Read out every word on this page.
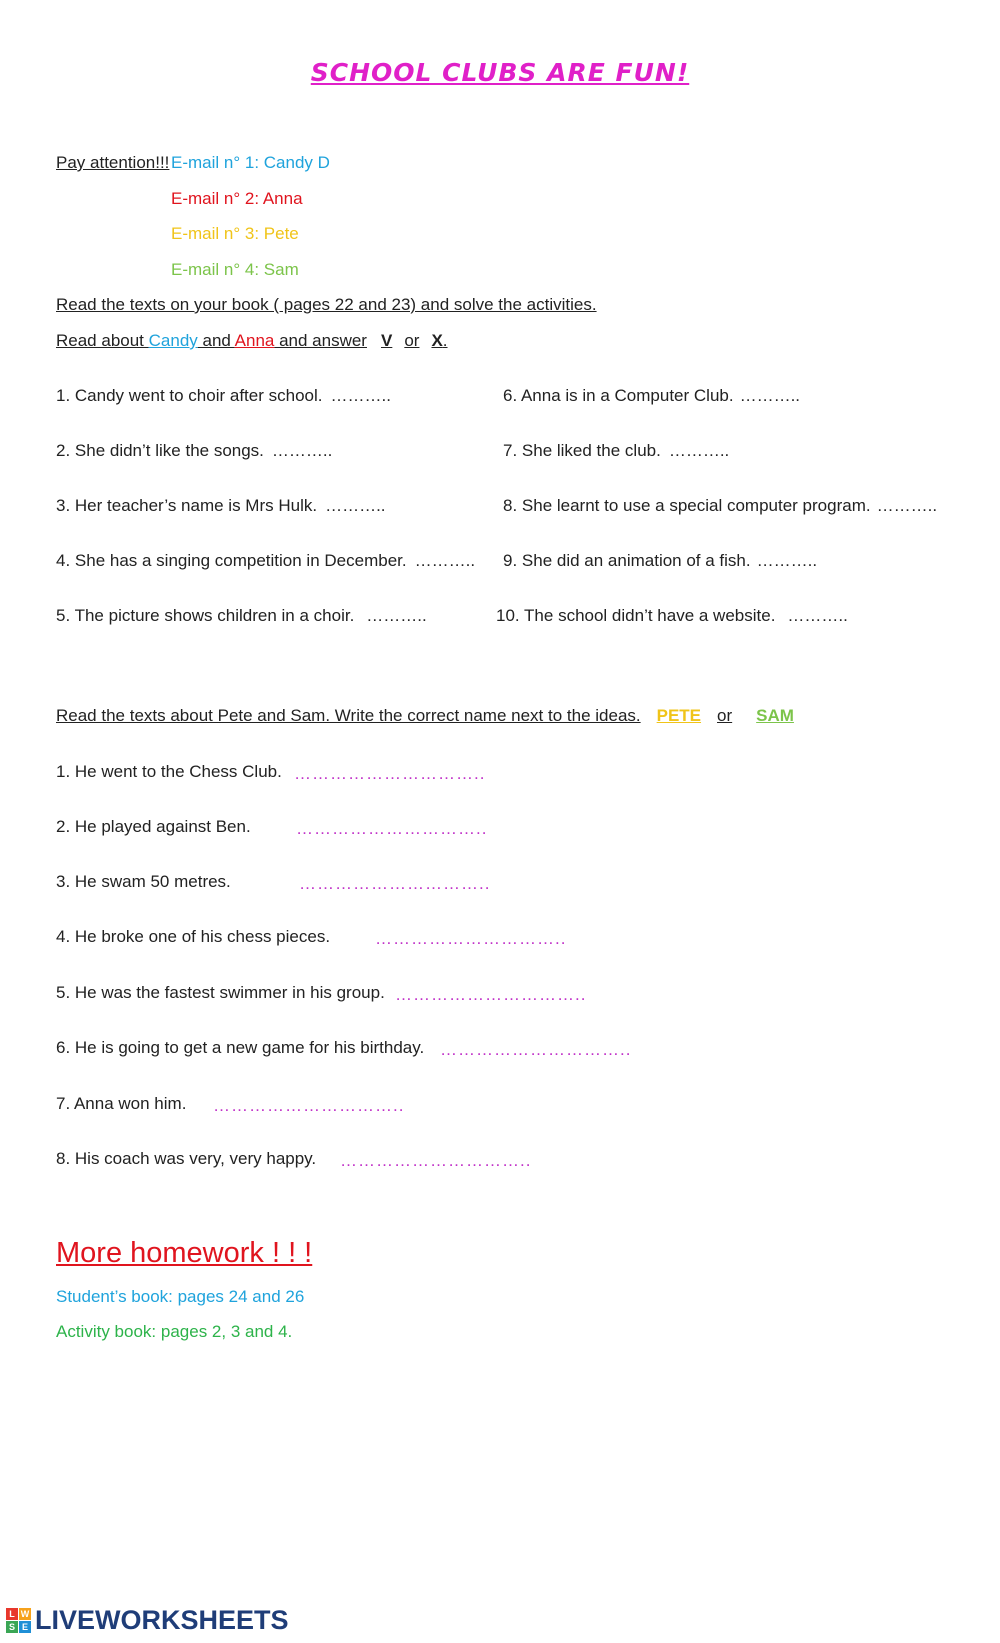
SCHOOL CLUBS ARE FUN!
Pay attention!!! E-mail n° 1: Candy D
E-mail n° 2: Anna
E-mail n° 3: Pete
E-mail n° 4: Sam
Read the texts on your book ( pages 22 and 23) and solve the activities.
Read about Candy and Anna and answer V or X.
1. Candy went to choir after school. ………..
2. She didn’t like the songs. ………..
3. Her teacher’s name is Mrs Hulk. ………..
4. She has a singing competition in December. ………..
5. The picture shows children in a choir. ………..
6. Anna is in a Computer Club. ………..
7. She liked the club. ………..
8. She learnt to use a special computer program. ………..
9. She did an animation of a fish. ………..
10. The school didn’t have a website. ………..
Read the texts about Pete and Sam. Write the correct name next to the ideas. PETE or SAM
1. He went to the Chess Club. …………………………..
2. He played against Ben.	…………………………..
3. He swam 50 metres.	…………………………..
4. He broke one of his chess pieces.	…………………………..
5. He was the fastest swimmer in his group. …………………………..
6. He is going to get a new game for his birthday. …………………………..
7. Anna won him. …………………………..
8. His coach was very, very happy. …………………………..
More homework ! ! !
Student’s book: pages 24 and 26
Activity book: pages 2, 3 and 4.
L W
S E LIVEWORKSHEETS
